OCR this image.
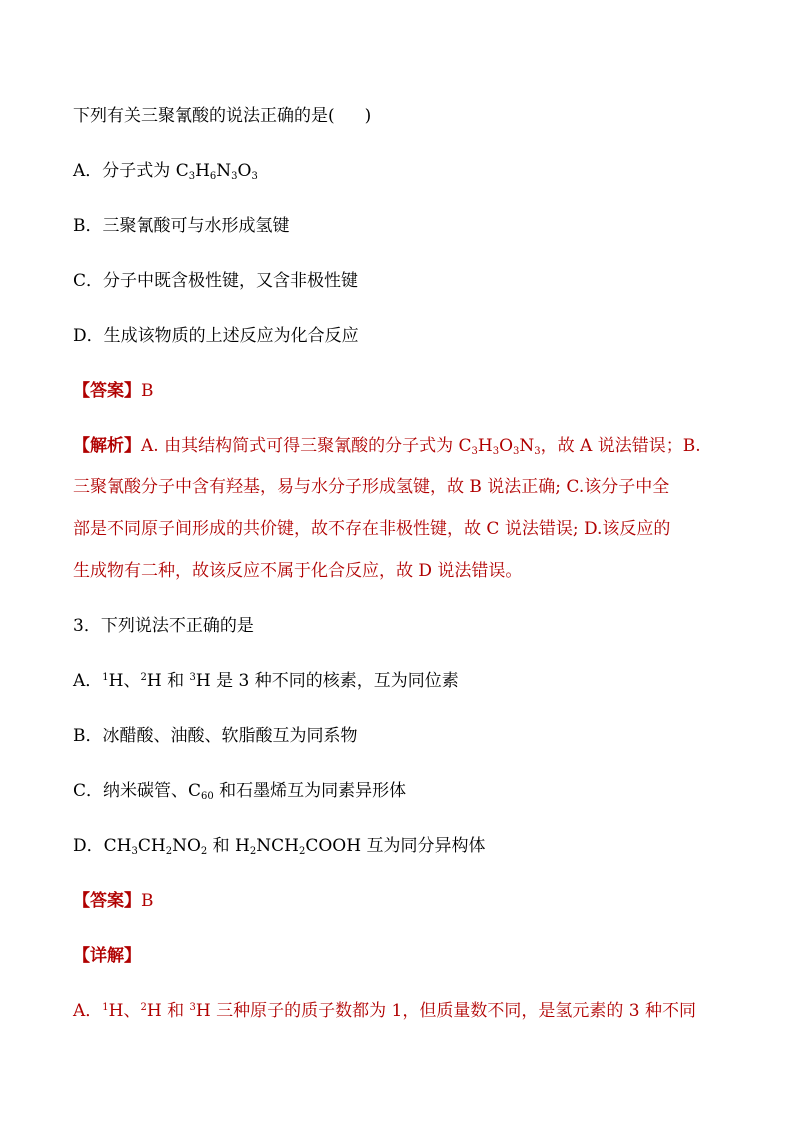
下列有关三聚氰酸的说法正确的是( )
A．分子式为 $C_3H_6N_3O_3$
B．三聚氰酸可与水形成氢键
C．分子中既含极性键，又含非极性键
D．生成该物质的上述反应为化合反应
【答案】B
【解析】A. 由其结构简式可得三聚氰酸的分子式为 $C_3H_3O_3N_3$，故 A 说法错误；B.
三聚氰酸分子中含有羟基，易与水分子形成氢键，故 B 说法正确; C.该分子中全
部是不同原子间形成的共价键，故不存在非极性键，故 C 说法错误; D.该反应的
生成物有二种，故该反应不属于化合反应，故 D 说法错误。
3．下列说法不正确的是
A．$^1$H、$^2$H 和 $^3$H 是 3 种不同的核素，互为同位素
B．冰醋酸、油酸、软脂酸互为同系物
C．纳米碳管、$C_{60}$ 和石墨烯互为同素异形体
D．$CH_3CH_2NO_2$ 和 $H_2NCH_2COOH$ 互为同分异构体
【答案】B
【详解】
A．$^1$H、$^2$H 和 $^3$H 三种原子的质子数都为 1，但质量数不同，是氢元素的 3 种不同
